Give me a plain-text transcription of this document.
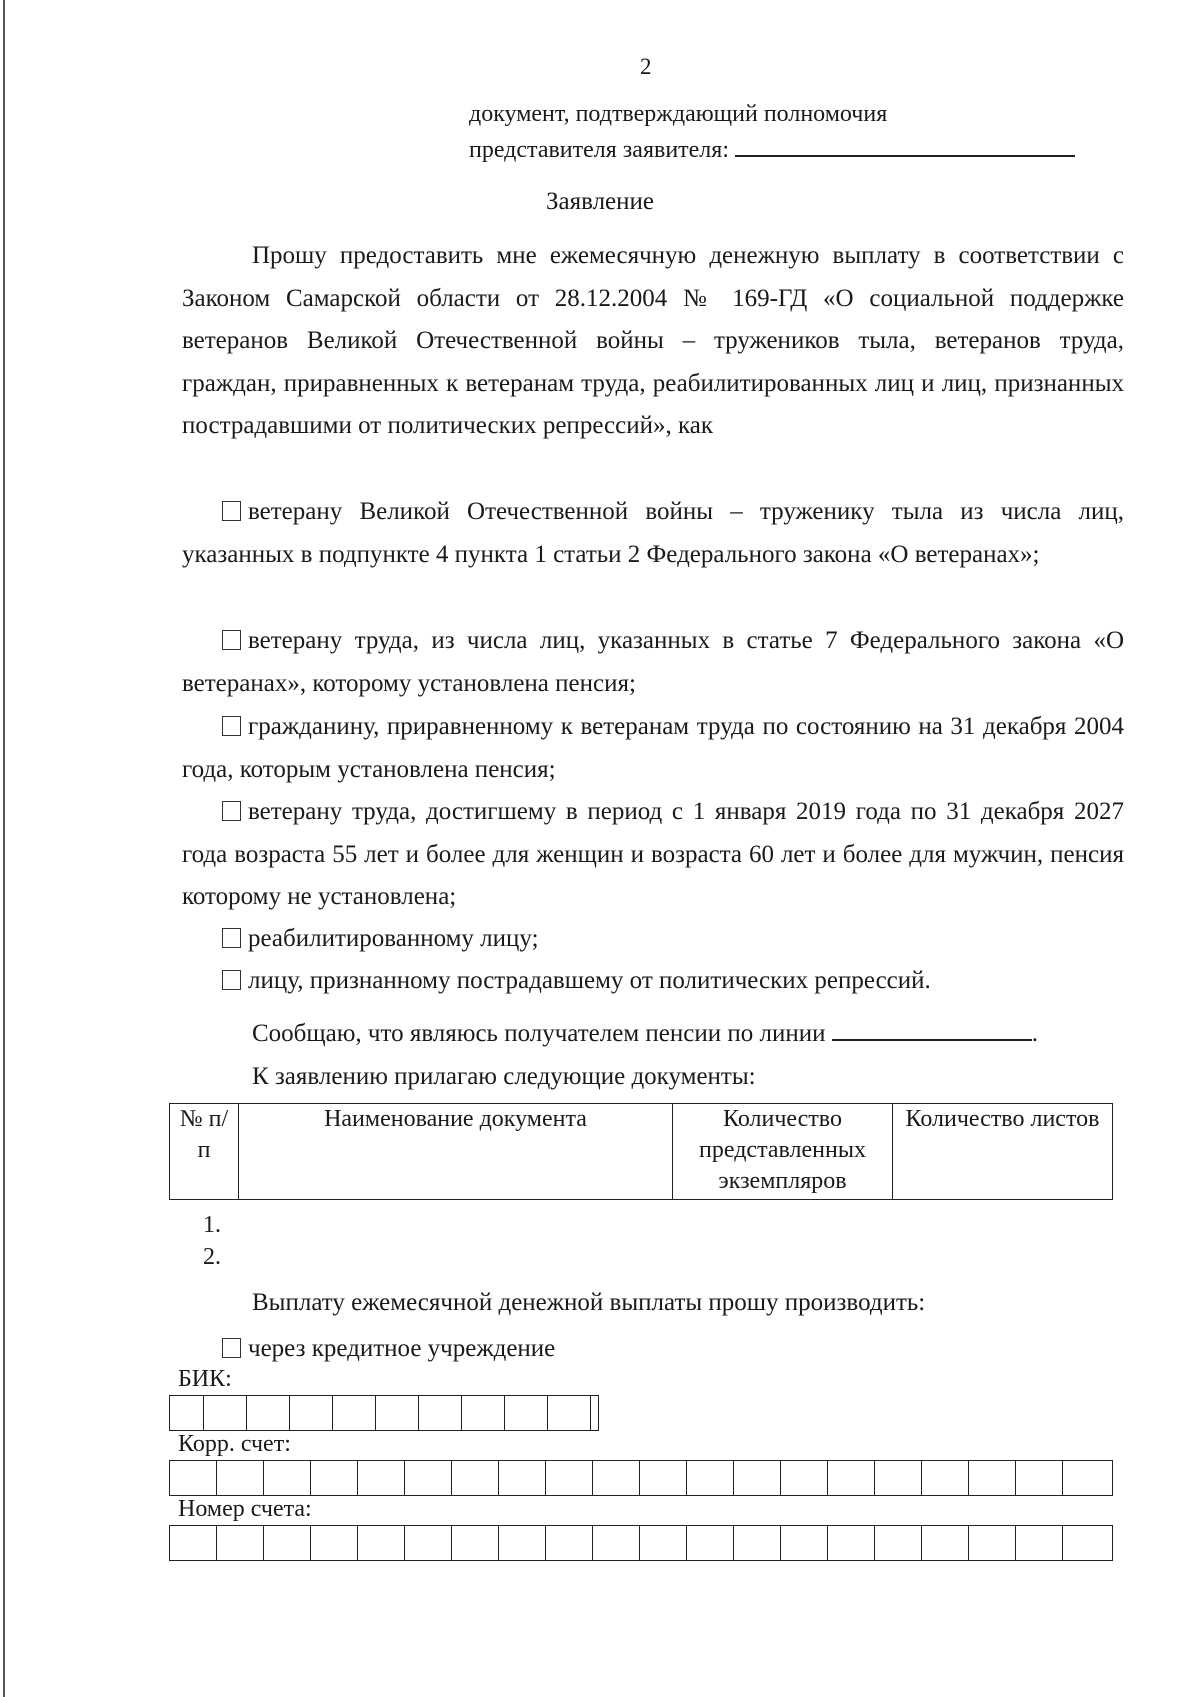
2
документ, подтверждающий полномочия
представителя заявителя:
Заявление
Прошу предоставить мне ежемесячную денежную выплату в соответствии с Законом Самарской области от 28.12.2004 № 169-ГД «О социальной поддержке ветеранов Великой Отечественной войны – тружеников тыла, ветеранов труда, граждан, приравненных к ветеранам труда, реабилитированных лиц и лиц, признанных пострадавшими от политических репрессий», как
ветерану Великой Отечественной войны – труженику тыла из числа лиц, указанных в подпункте 4 пункта 1 статьи 2 Федерального закона «О ветеранах»;
ветерану труда, из числа лиц, указанных в статье 7 Федерального закона «О ветеранах», которому установлена пенсия;
гражданину, приравненному к ветеранам труда по состоянию на 31 декабря 2004 года, которым установлена пенсия;
ветерану труда, достигшему в период с 1 января 2019 года по 31 декабря 2027 года возраста 55 лет и более для женщин и возраста 60 лет и более для мужчин, пенсия которому не установлена;
реабилитированному лицу;
лицу, признанному пострадавшему от политических репрессий.
Сообщаю, что являюсь получателем пенсии по линии	.
К заявлению прилагаю следующие документы:
№ п/п	Наименование документа	Количество представленных экземпляров	Количество листов
1.
2.
Выплату ежемесячной денежной выплаты прошу производить:
через кредитное учреждение
БИК:
Корр. счет:
Номер счета:
